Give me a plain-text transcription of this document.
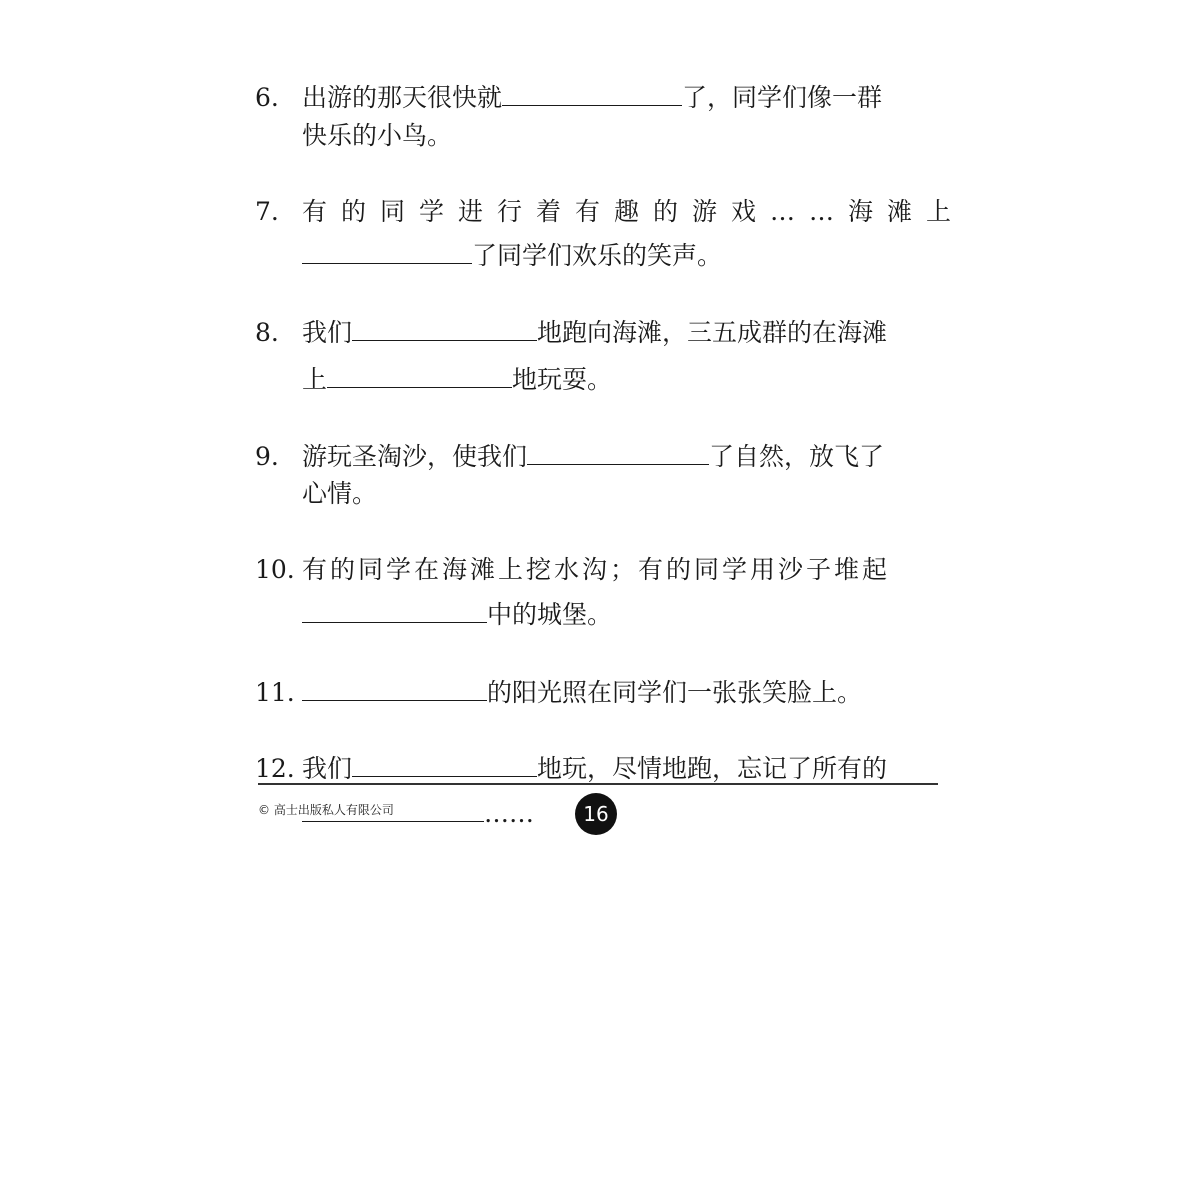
6. 出游的那天很快就	了，同学们像一群
快乐的小鸟。
7. 有的同学进行着有趣的游戏……海滩上
了同学们欢乐的笑声。
8. 我们	地跑向海滩，三五成群的在海滩
上	地玩耍。
9. 游玩圣淘沙，使我们	了自然，放飞了
心情。
10. 有的同学在海滩上挖水沟；有的同学用沙子堆起
中的城堡。
11.	的阳光照在同学们一张张笑脸上。
12. 我们	地玩，尽情地跑，忘记了所有的
……
© 高士出版私人有限公司	16
